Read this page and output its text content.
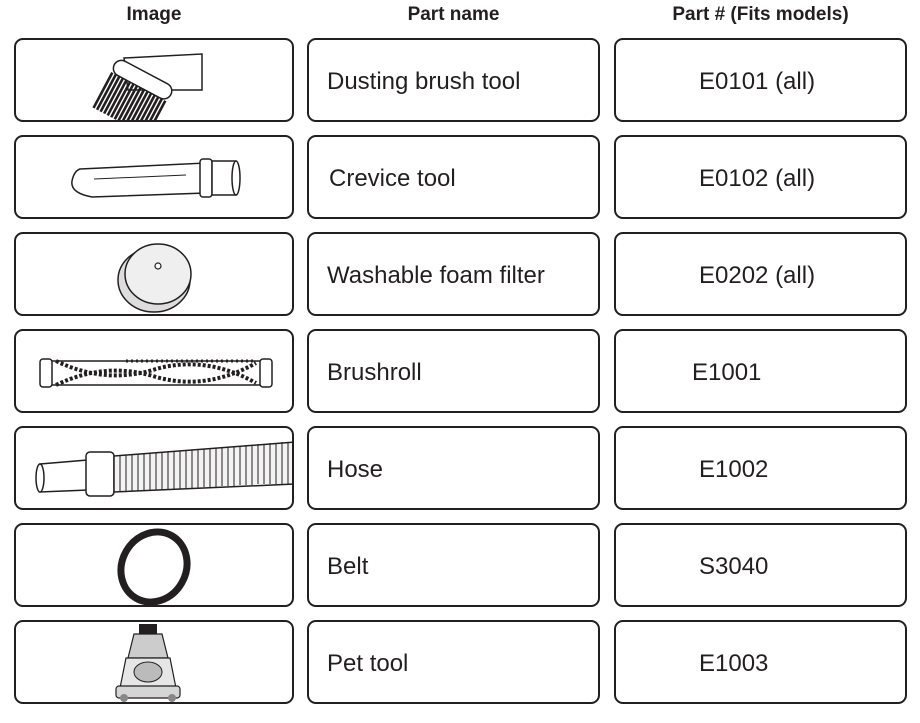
Image	Part name	Part # (Fits models)
Dusting brush tool	E0101 (all)
Crevice tool	E0102 (all)
Washable foam filter	E0202 (all)
Brushroll	E1001
Hose	E1002
Belt	S3040
Pet tool	E1003
